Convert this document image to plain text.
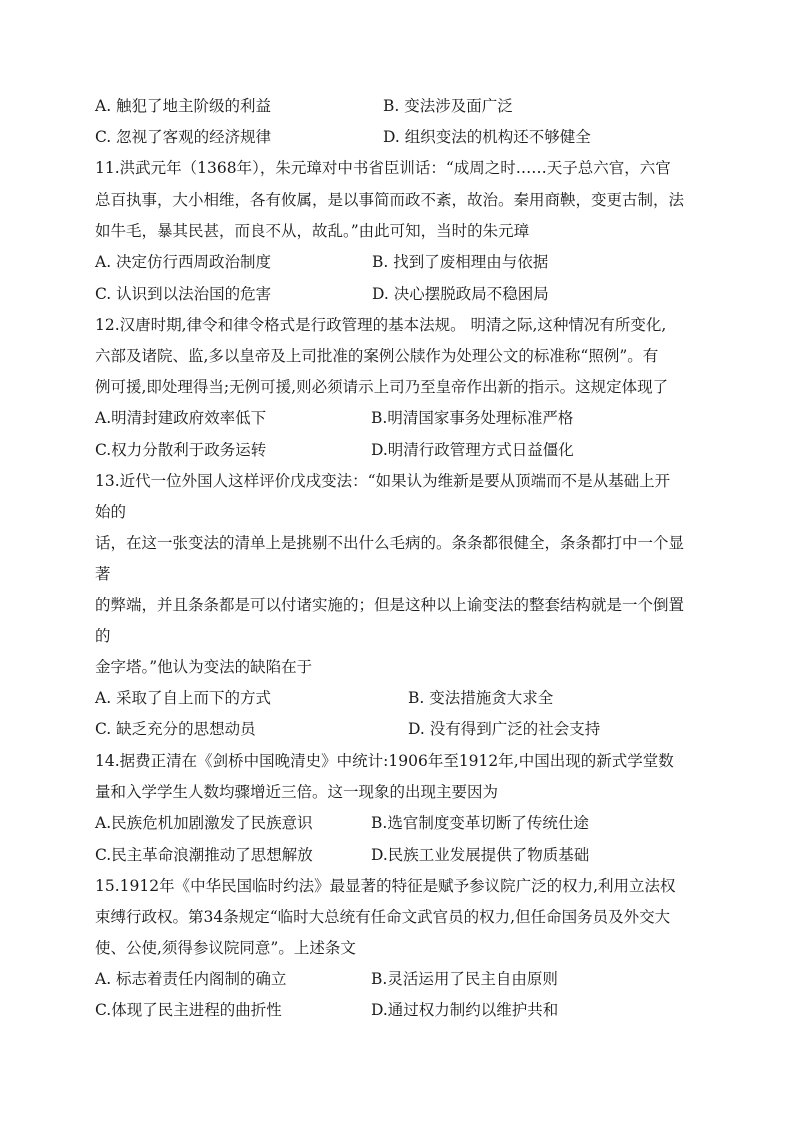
A. 触犯了地主阶级的利益	B. 变法涉及面广泛
C. 忽视了客观的经济规律	D. 组织变法的机构还不够健全
11.洪武元年（1368年），朱元璋对中书省臣训话：“成周之时……天子总六官，六官
总百执事，大小相维，各有攸属，是以事简而政不紊，故治。秦用商鞅，变更古制，法
如牛毛，暴其民甚，而良不从，故乱。”由此可知，当时的朱元璋
A. 决定仿行西周政治制度	B. 找到了废相理由与依据
C. 认识到以法治国的危害	D. 决心摆脱政局不稳困局
12.汉唐时期,律令和律令格式是行政管理的基本法规。 明清之际,这种情况有所变化,
六部及诸院、监,多以皇帝及上司批准的案例公牍作为处理公文的标准称“照例”。有
例可援,即处理得当;无例可援,则必须请示上司乃至皇帝作出新的指示。这规定体现了
A.明清封建政府效率低下	B.明清国家事务处理标准严格
C.权力分散利于政务运转	D.明清行政管理方式日益僵化
13.近代一位外国人这样评价戊戌变法：“如果认为维新是要从顶端而不是从基础上开
始的
话，在这一张变法的清单上是挑剔不出什么毛病的。条条都很健全，条条都打中一个显
著
的弊端，并且条条都是可以付诸实施的；但是这种以上谕变法的整套结构就是一个倒置
的
金字塔。”他认为变法的缺陷在于
A. 采取了自上而下的方式	B. 变法措施贪大求全
C. 缺乏充分的思想动员	D. 没有得到广泛的社会支持
14.据费正清在《剑桥中国晚清史》中统计:1906年至1912年,中国出现的新式学堂数
量和入学学生人数均骤增近三倍。这一现象的出现主要因为
A.民族危机加剧激发了民族意识	B.选官制度变革切断了传统仕途
C.民主革命浪潮推动了思想解放	D.民族工业发展提供了物质基础
15.1912年《中华民国临时约法》最显著的特征是赋予参议院广泛的权力,利用立法权
束缚行政权。第34条规定“临时大总统有任命文武官员的权力,但任命国务员及外交大
使、公使,须得参议院同意”。上述条文
A. 标志着责任内阁制的确立	B.灵活运用了民主自由原则
C.体现了民主进程的曲折性	D.通过权力制约以维护共和
